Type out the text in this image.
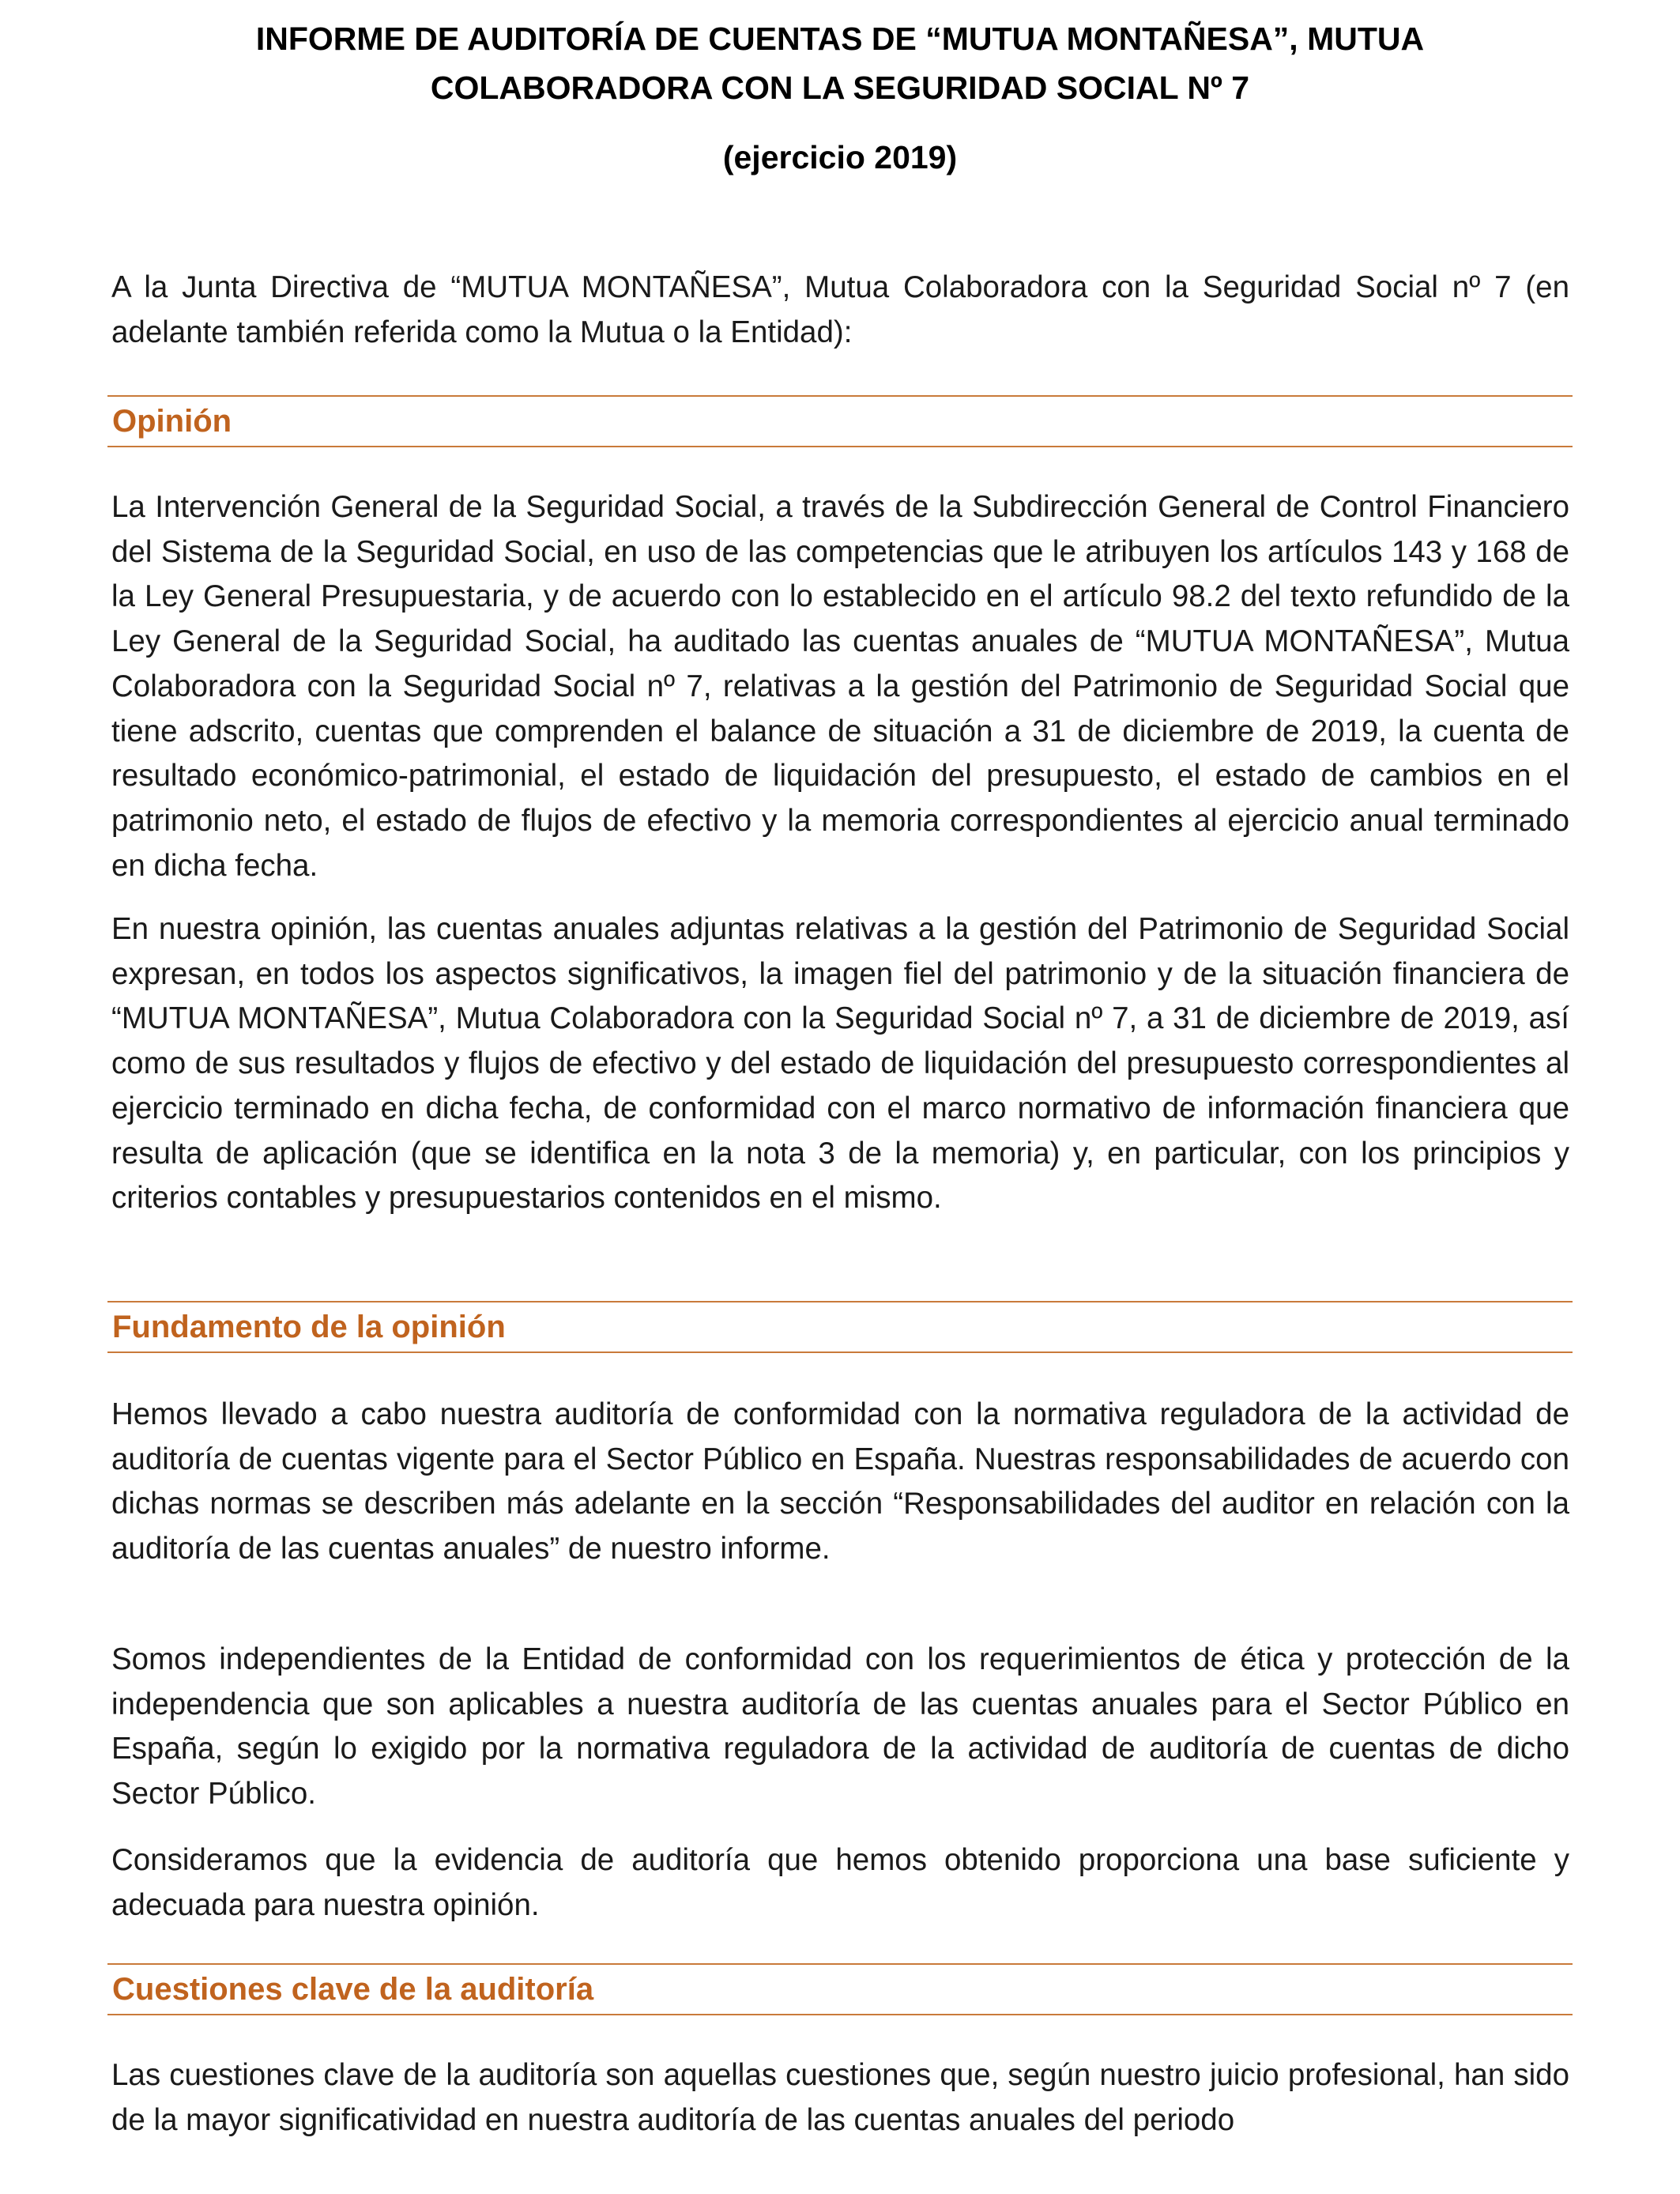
INFORME DE AUDITORÍA DE CUENTAS DE “MUTUA MONTAÑESA”, MUTUA
COLABORADORA CON LA SEGURIDAD SOCIAL Nº 7
(ejercicio 2019)
A la Junta Directiva de “MUTUA MONTAÑESA”, Mutua Colaboradora con la Seguridad Social nº 7 (en adelante también referida como la Mutua o la Entidad):
Opinión
La Intervención General de la Seguridad Social, a través de la Subdirección General de Control Financiero del Sistema de la Seguridad Social, en uso de las competencias que le atribuyen los artículos 143 y 168 de la Ley General Presupuestaria, y de acuerdo con lo establecido en el artículo 98.2 del texto refundido de la Ley General de la Seguridad Social, ha auditado las cuentas anuales de “MUTUA MONTAÑESA”, Mutua Colaboradora con la Seguridad Social nº 7, relativas a la gestión del Patrimonio de Seguridad Social que tiene adscrito, cuentas que comprenden el balance de situación a 31 de diciembre de 2019, la cuenta de resultado económico-patrimonial, el estado de liquidación del presupuesto, el estado de cambios en el patrimonio neto, el estado de flujos de efectivo y la memoria correspondientes al ejercicio anual terminado en dicha fecha.
En nuestra opinión, las cuentas anuales adjuntas relativas a la gestión del Patrimonio de Seguridad Social expresan, en todos los aspectos significativos, la imagen fiel del patrimonio y de la situación financiera de “MUTUA MONTAÑESA”, Mutua Colaboradora con la Seguridad Social nº 7, a 31 de diciembre de 2019, así como de sus resultados y flujos de efectivo y del estado de liquidación del presupuesto correspondientes al ejercicio terminado en dicha fecha, de conformidad con el marco normativo de información financiera que resulta de aplicación (que se identifica en la nota 3 de la memoria) y, en particular, con los principios y criterios contables y presupuestarios contenidos en el mismo.
Fundamento de la opinión
Hemos llevado a cabo nuestra auditoría de conformidad con la normativa reguladora de la actividad de auditoría de cuentas vigente para el Sector Público en España. Nuestras responsabilidades de acuerdo con dichas normas se describen más adelante en la sección “Responsabilidades del auditor en relación con la auditoría de las cuentas anuales” de nuestro informe.
Somos independientes de la Entidad de conformidad con los requerimientos de ética y protección de la independencia que son aplicables a nuestra auditoría de las cuentas anuales para el Sector Público en España, según lo exigido por la normativa reguladora de la actividad de auditoría de cuentas de dicho Sector Público.
Consideramos que la evidencia de auditoría que hemos obtenido proporciona una base suficiente y adecuada para nuestra opinión.
Cuestiones clave de la auditoría
Las cuestiones clave de la auditoría son aquellas cuestiones que, según nuestro juicio profesional, han sido de la mayor significatividad en nuestra auditoría de las cuentas anuales del periodo
